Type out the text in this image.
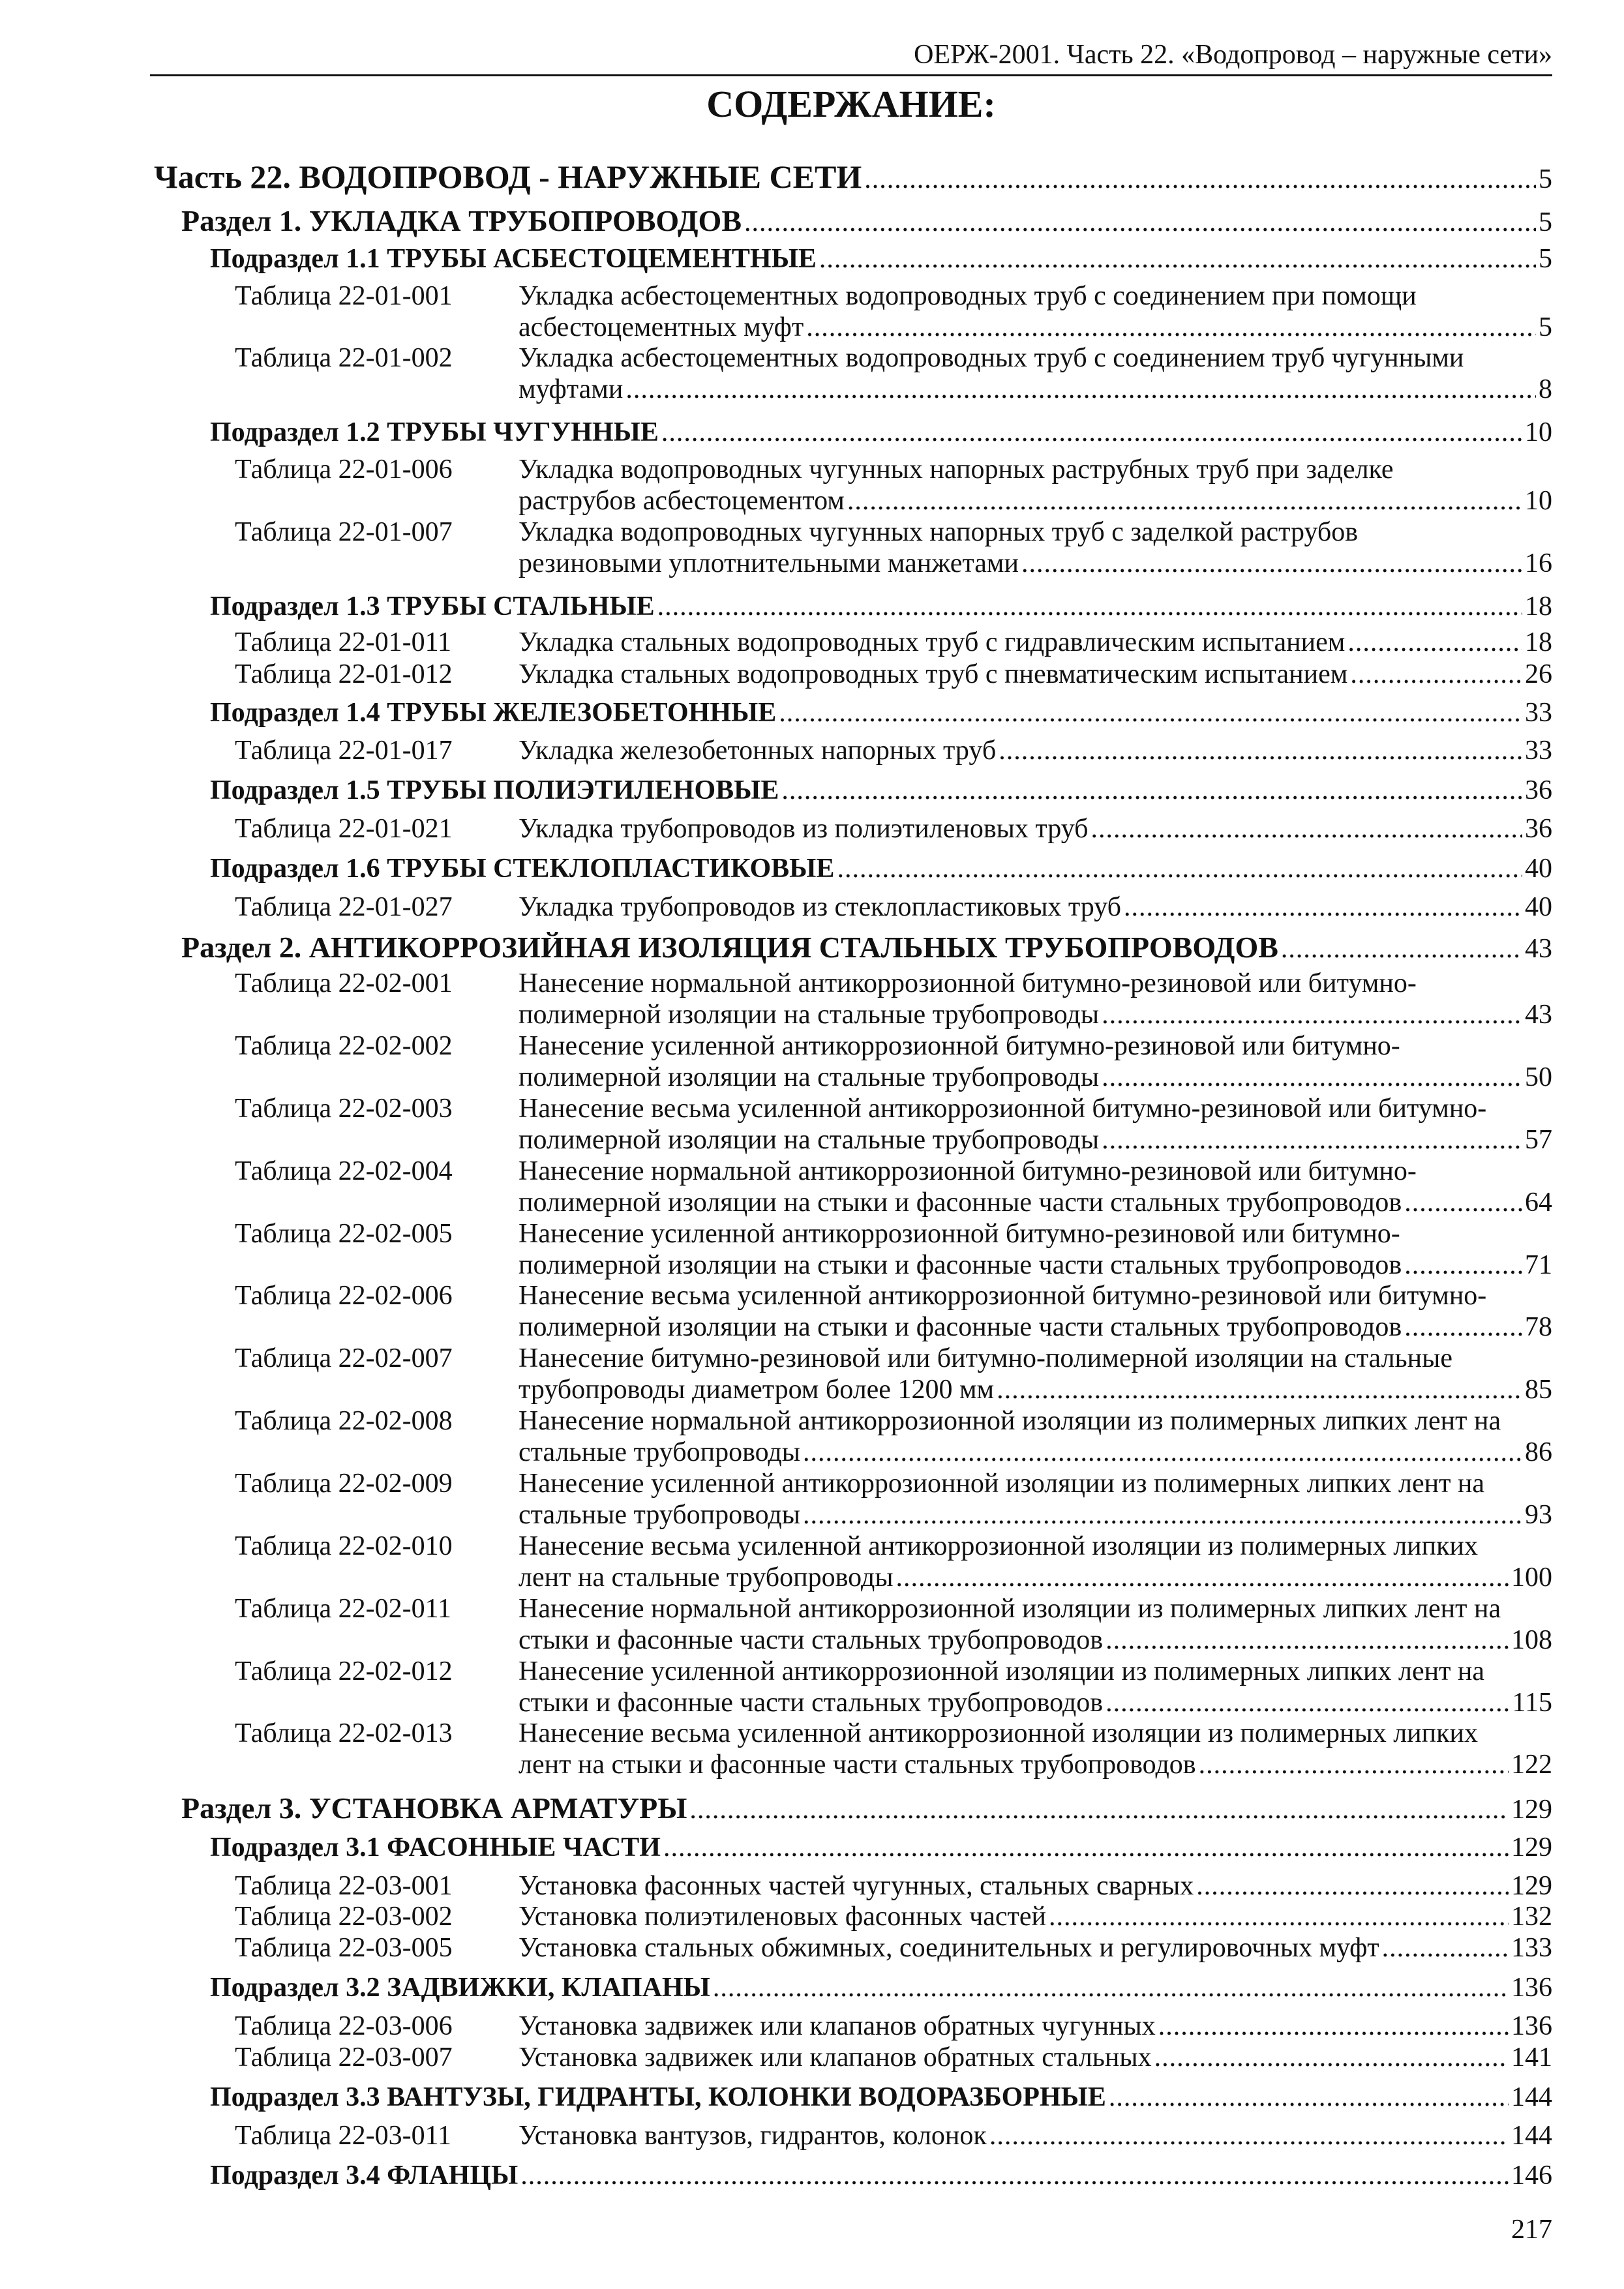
ОЕРЖ-2001. Часть 22. «Водопровод – наружные сети»
СОДЕРЖАНИЕ:
Часть 22. ВОДОПРОВОД - НАРУЖНЫЕ СЕТИ .....	5
Раздел 1. УКЛАДКА ТРУБОПРОВОДОВ .....	5
Подраздел 1.1 ТРУБЫ АСБЕСТОЦЕМЕНТНЫЕ .....	5
Таблица 22-01-001 Укладка асбестоцементных водопроводных труб с соединением при помощи
асбестоцементных муфт .....	5
Таблица 22-01-002 Укладка асбестоцементных водопроводных труб с соединением труб чугунными
муфтами .....	8
Подраздел 1.2 ТРУБЫ ЧУГУННЫЕ .....	10
Таблица 22-01-006 Укладка водопроводных чугунных напорных раструбных труб при заделке
раструбов асбестоцементом .....	10
Таблица 22-01-007 Укладка водопроводных чугунных напорных труб с заделкой раструбов
резиновыми уплотнительными манжетами .....	16
Подраздел 1.3 ТРУБЫ СТАЛЬНЫЕ .....	18
Таблица 22-01-011 Укладка стальных водопроводных труб с гидравлическим испытанием .....	18
Таблица 22-01-012 Укладка стальных водопроводных труб с пневматическим испытанием .....	26
Подраздел 1.4 ТРУБЫ ЖЕЛЕЗОБЕТОННЫЕ .....	33
Таблица 22-01-017 Укладка железобетонных напорных труб .....	33
Подраздел 1.5 ТРУБЫ ПОЛИЭТИЛЕНОВЫЕ .....	36
Таблица 22-01-021 Укладка трубопроводов из полиэтиленовых труб .....	36
Подраздел 1.6 ТРУБЫ СТЕКЛОПЛАСТИКОВЫЕ .....	40
Таблица 22-01-027 Укладка трубопроводов из стеклопластиковых труб .....	40
Раздел 2. АНТИКОРРОЗИЙНАЯ ИЗОЛЯЦИЯ СТАЛЬНЫХ ТРУБОПРОВОДОВ .....	43
Таблица 22-02-001 Нанесение нормальной антикоррозионной битумно-резиновой или битумно-
полимерной изоляции на стальные трубопроводы .....	43
Таблица 22-02-002 Нанесение усиленной антикоррозионной битумно-резиновой или битумно-
полимерной изоляции на стальные трубопроводы .....	50
Таблица 22-02-003 Нанесение весьма усиленной антикоррозионной битумно-резиновой или битумно-
полимерной изоляции на стальные трубопроводы .....	57
Таблица 22-02-004 Нанесение нормальной антикоррозионной битумно-резиновой или битумно-
полимерной изоляции на стыки и фасонные части стальных трубопроводов .....	64
Таблица 22-02-005 Нанесение усиленной антикоррозионной битумно-резиновой или битумно-
полимерной изоляции на стыки и фасонные части стальных трубопроводов .....	71
Таблица 22-02-006 Нанесение весьма усиленной антикоррозионной битумно-резиновой или битумно-
полимерной изоляции на стыки и фасонные части стальных трубопроводов .....	78
Таблица 22-02-007 Нанесение битумно-резиновой или битумно-полимерной изоляции на стальные
трубопроводы диаметром более 1200 мм .....	85
Таблица 22-02-008 Нанесение нормальной антикоррозионной изоляции из полимерных липких лент на
стальные трубопроводы .....	86
Таблица 22-02-009 Нанесение усиленной антикоррозионной изоляции из полимерных липких лент на
стальные трубопроводы .....	93
Таблица 22-02-010 Нанесение весьма усиленной антикоррозионной изоляции из полимерных липких
лент на стальные трубопроводы .....	100
Таблица 22-02-011 Нанесение нормальной антикоррозионной изоляции из полимерных липких лент на
стыки и фасонные части стальных трубопроводов .....	108
Таблица 22-02-012 Нанесение усиленной антикоррозионной изоляции из полимерных липких лент на
стыки и фасонные части стальных трубопроводов .....	115
Таблица 22-02-013 Нанесение весьма усиленной антикоррозионной изоляции из полимерных липких
лент на стыки и фасонные части стальных трубопроводов .....	122
Раздел 3. УСТАНОВКА АРМАТУРЫ .....	129
Подраздел 3.1 ФАСОННЫЕ ЧАСТИ .....	129
Таблица 22-03-001 Установка фасонных частей чугунных, стальных сварных .....	129
Таблица 22-03-002 Установка полиэтиленовых фасонных частей .....	132
Таблица 22-03-005 Установка стальных обжимных, соединительных и регулировочных муфт .....	133
Подраздел 3.2 ЗАДВИЖКИ, КЛАПАНЫ .....	136
Таблица 22-03-006 Установка задвижек или клапанов обратных чугунных .....	136
Таблица 22-03-007 Установка задвижек или клапанов обратных стальных .....	141
Подраздел 3.3 ВАНТУЗЫ, ГИДРАНТЫ, КОЛОНКИ ВОДОРАЗБОРНЫЕ .....	144
Таблица 22-03-011 Установка вантузов, гидрантов, колонок .....	144
Подраздел 3.4 ФЛАНЦЫ .....	146
217
